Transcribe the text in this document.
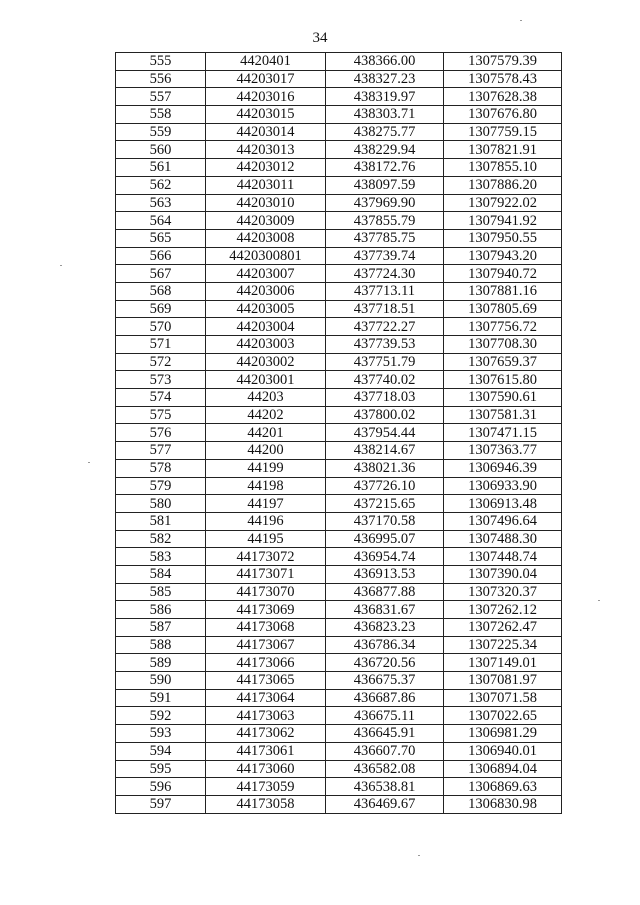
34
555	4420401	438366.00	1307579.39
556	44203017	438327.23	1307578.43
557	44203016	438319.97	1307628.38
558	44203015	438303.71	1307676.80
559	44203014	438275.77	1307759.15
560	44203013	438229.94	1307821.91
561	44203012	438172.76	1307855.10
562	44203011	438097.59	1307886.20
563	44203010	437969.90	1307922.02
564	44203009	437855.79	1307941.92
565	44203008	437785.75	1307950.55
566	4420300801	437739.74	1307943.20
567	44203007	437724.30	1307940.72
568	44203006	437713.11	1307881.16
569	44203005	437718.51	1307805.69
570	44203004	437722.27	1307756.72
571	44203003	437739.53	1307708.30
572	44203002	437751.79	1307659.37
573	44203001	437740.02	1307615.80
574	44203	437718.03	1307590.61
575	44202	437800.02	1307581.31
576	44201	437954.44	1307471.15
577	44200	438214.67	1307363.77
578	44199	438021.36	1306946.39
579	44198	437726.10	1306933.90
580	44197	437215.65	1306913.48
581	44196	437170.58	1307496.64
582	44195	436995.07	1307488.30
583	44173072	436954.74	1307448.74
584	44173071	436913.53	1307390.04
585	44173070	436877.88	1307320.37
586	44173069	436831.67	1307262.12
587	44173068	436823.23	1307262.47
588	44173067	436786.34	1307225.34
589	44173066	436720.56	1307149.01
590	44173065	436675.37	1307081.97
591	44173064	436687.86	1307071.58
592	44173063	436675.11	1307022.65
593	44173062	436645.91	1306981.29
594	44173061	436607.70	1306940.01
595	44173060	436582.08	1306894.04
596	44173059	436538.81	1306869.63
597	44173058	436469.67	1306830.98
